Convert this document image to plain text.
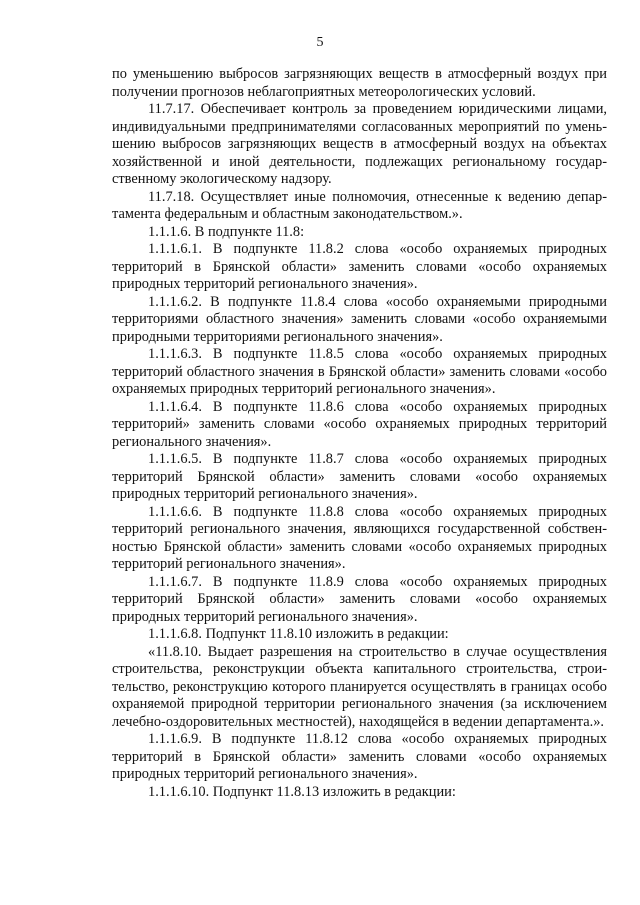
5

по уменьшению выбросов загрязняющих веществ в атмосферный воздух при получении прогнозов неблагоприятных метеорологических условий.

11.7.17. Обеспечивает контроль за проведением юридическими лицами, индивидуальными предпринимателями согласованных мероприятий по уменьшению выбросов загрязняющих веществ в атмосферный воздух на объектах хозяйственной и иной деятельности, подлежащих региональному государственному экологическому надзору.

11.7.18. Осуществляет иные полномочия, отнесенные к ведению департамента федеральным и областным законодательством.».

1.1.1.6. В подпункте 11.8:

1.1.1.6.1. В подпункте 11.8.2 слова «особо охраняемых природных территорий в Брянской области» заменить словами «особо охраняемых природных территорий регионального значения».

1.1.1.6.2. В подпункте 11.8.4 слова «особо охраняемыми природными территориями областного значения» заменить словами «особо охраняемыми природными территориями регионального значения».

1.1.1.6.3. В подпункте 11.8.5 слова «особо охраняемых природных территорий областного значения в Брянской области» заменить словами «особо охраняемых природных территорий регионального значения».

1.1.1.6.4. В подпункте 11.8.6 слова «особо охраняемых природных территорий» заменить словами «особо охраняемых природных территорий регионального значения».

1.1.1.6.5. В подпункте 11.8.7 слова «особо охраняемых природных территорий Брянской области» заменить словами «особо охраняемых природных территорий регионального значения».

1.1.1.6.6. В подпункте 11.8.8 слова «особо охраняемых природных территорий регионального значения, являющихся государственной собственностью Брянской области» заменить словами «особо охраняемых природных территорий регионального значения».

1.1.1.6.7. В подпункте 11.8.9 слова «особо охраняемых природных территорий Брянской области» заменить словами «особо охраняемых природных территорий регионального значения».

1.1.1.6.8. Подпункт 11.8.10 изложить в редакции:

«11.8.10. Выдает разрешения на строительство в случае осуществления строительства, реконструкции объекта капитального строительства, строительство, реконструкцию которого планируется осуществлять в границах особо охраняемой природной территории регионального значения (за исключением лечебно-оздоровительных местностей), находящейся в ведении департамента.».

1.1.1.6.9. В подпункте 11.8.12 слова «особо охраняемых природных территорий в Брянской области» заменить словами «особо охраняемых природных территорий регионального значения».

1.1.1.6.10. Подпункт 11.8.13 изложить в редакции:
